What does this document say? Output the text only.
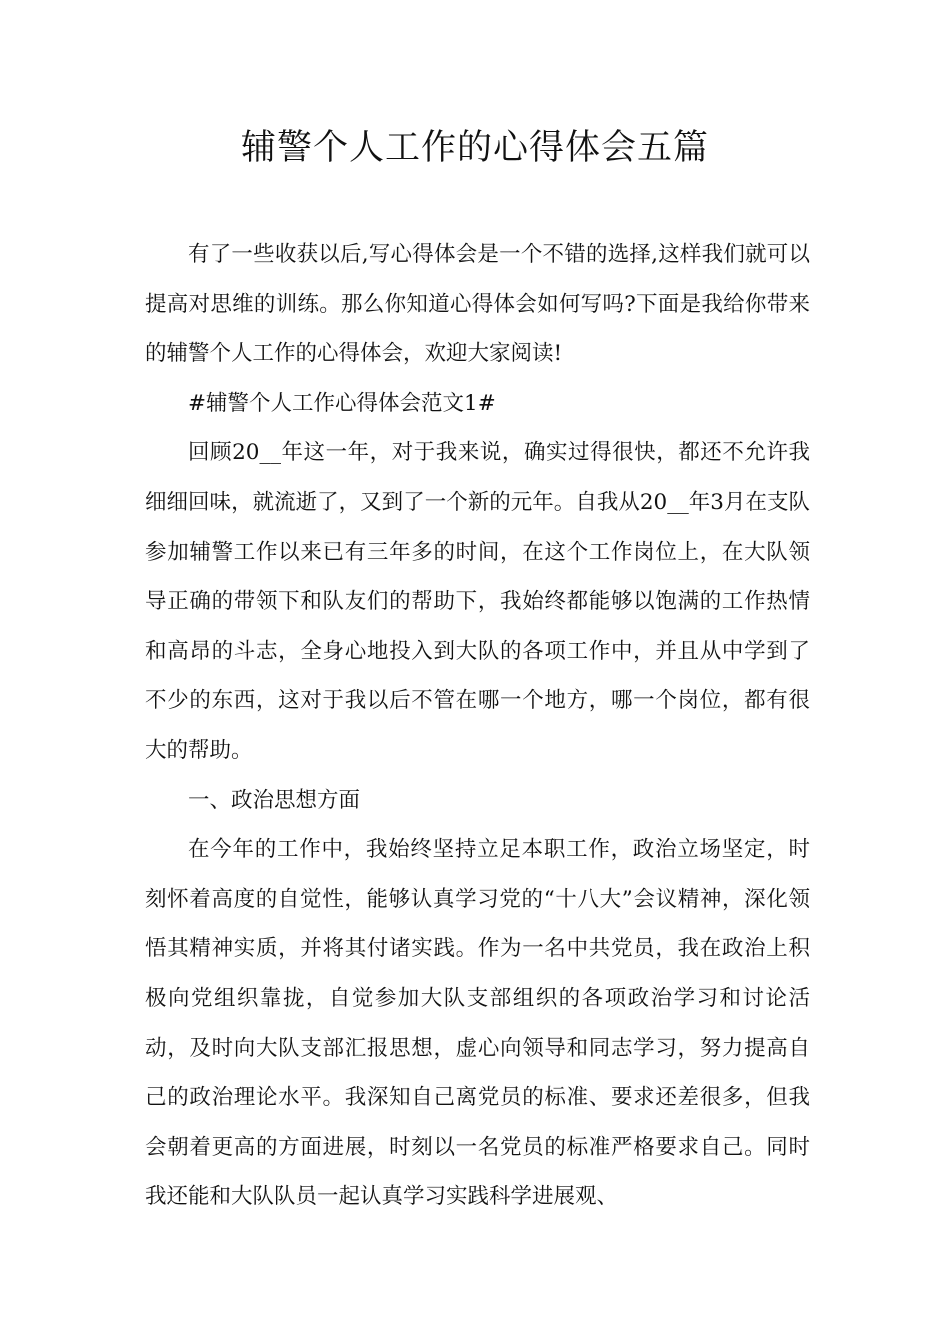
辅警个人工作的心得体会五篇

有了一些收获以后,写心得体会是一个不错的选择,这样我们就可以提高对思维的训练。那么你知道心得体会如何写吗?下面是我给你带来的辅警个人工作的心得体会，欢迎大家阅读!

#辅警个人工作心得体会范文1#

回顾20__年这一年，对于我来说，确实过得很快，都还不允许我细细回味，就流逝了，又到了一个新的元年。自我从20__年3月在支队参加辅警工作以来已有三年多的时间，在这个工作岗位上，在大队领导正确的带领下和队友们的帮助下，我始终都能够以饱满的工作热情和高昂的斗志，全身心地投入到大队的各项工作中，并且从中学到了不少的东西，这对于我以后不管在哪一个地方，哪一个岗位，都有很大的帮助。

一、政治思想方面

在今年的工作中，我始终坚持立足本职工作，政治立场坚定，时刻怀着高度的自觉性，能够认真学习党的“十八大”会议精神，深化领悟其精神实质，并将其付诸实践。作为一名中共党员，我在政治上积极向党组织靠拢，自觉参加大队支部组织的各项政治学习和讨论活动，及时向大队支部汇报思想，虚心向领导和同志学习，努力提高自己的政治理论水平。我深知自己离党员的标准、要求还差很多，但我会朝着更高的方面进展，时刻以一名党员的标准严格要求自己。同时我还能和大队队员一起认真学习实践科学进展观、
